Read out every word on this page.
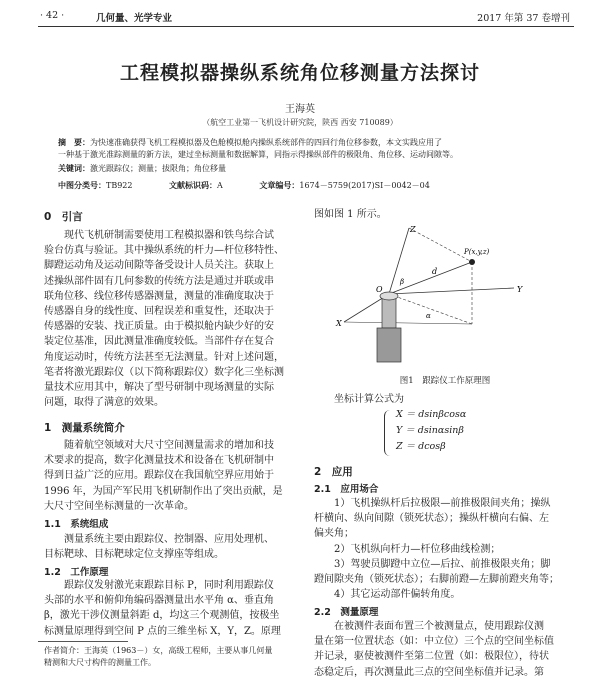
· 42 ·	几何量、光学专业	2017 年第 37 卷增刊
工程模拟器操纵系统角位移测量方法探讨
王海英
（航空工业第一飞机设计研究院，陕西 西安 710089）
摘　要：为快速准确获得飞机工程模拟器及色舱模拟舱内操纵系统部件的四回行角位移参数，本文实践应用了
一种基于激光准踪测量的新方法，建过坐标测量和数据解算，同指示得操纵部件的极限角、角位移、运动间隙等。
关键词：激光跟踪仪；测量；拔限角；角位移量
中图分类号：TB922	文献标识码：A	文章编号：1674－5759(2017)SI－0042－04
0　引言
现代飞机研制需要使用工程模拟器和铁鸟综合试
验台仿真与验证。其中操纵系统的杆力—杆位移特性、
脚蹬运动角及运动间隙等备受设计人员关注。获取上
述操纵部件固有几何参数的传统方法是通过并联或串
联角位移、线位移传感器测量，测量的准确度取决于
传感器自身的线性度、回程误差和重复性，还取决于
传感器的安装、找正质量。由于模拟舱内缺少好的安
装定位基准，因此测量准确度较低。当部件存在复合
角度运动时，传统方法甚至无法测量。针对上述问题，
笔者将激光跟踪仪（以下简称跟踪仪）数字化三坐标测
量技术应用其中，解决了型号研制中现场测量的实际
问题，取得了满意的效果。
1　测量系统简介
随着航空领域对大尺寸空间测量需求的增加和技
术要求的提高，数字化测量技术和设备在飞机研制中
得到日益广泛的应用。跟踪仪在我国航空界应用始于
1996 年，为国产军民用飞机研制作出了突出贡献，是
大尺寸空间坐标测量的一次革命。
1.1　系统组成
测量系统主要由跟踪仪、控制器、应用处理机、
目标靶球、目标靶球定位支撑座等组成。
1.2　工作原理
跟踪仪发射激光束跟踪目标 P，同时利用跟踪仪
头部的水平和俯仰角编码器测量出水平角 α、垂直角
β，激光干涉仪测量斜距 d，均这三个观测值，按极坐
标测量原理得到空间 P 点的三维坐标 X，Y，Z。原理
作者简介：王海英（1963－）女，高级工程师，主要从事几何量
精测和大尺寸构件的测量工作。
图如图 1 所示。
Z
P(x,y,z)
d
O	Y
X
β
α
图1　跟踪仪工作原理图
坐标计算公式为
X ＝ dsinβcosα
Y ＝ dsinαsinβ
Z ＝ dcosβ
2　应用
2.1　应用场合
1）飞机操纵杆后拉极限—前推极限间夹角；操纵
杆横向、纵向间隙（锁死状态）；操纵杆横向右偏、左
偏夹角；
2）飞机纵向杆力—杆位移曲线检测；
3）驾驶员脚蹬中立位—后拉、前推极限夹角；脚
蹬间隙夹角（锁死状态）；右脚前蹬—左脚前蹬夹角等；
4）其它运动部件偏转角度。
2.2　测量原理
在被测件表面布置三个被测量点，使用跟踪仪测
量在第一位置状态（如：中立位）三个点的空间坐标值
并记录，驱使被测件至第二位置（如：极限位），待状
态稳定后，再次测量此三点的空间坐标值并记录。第
